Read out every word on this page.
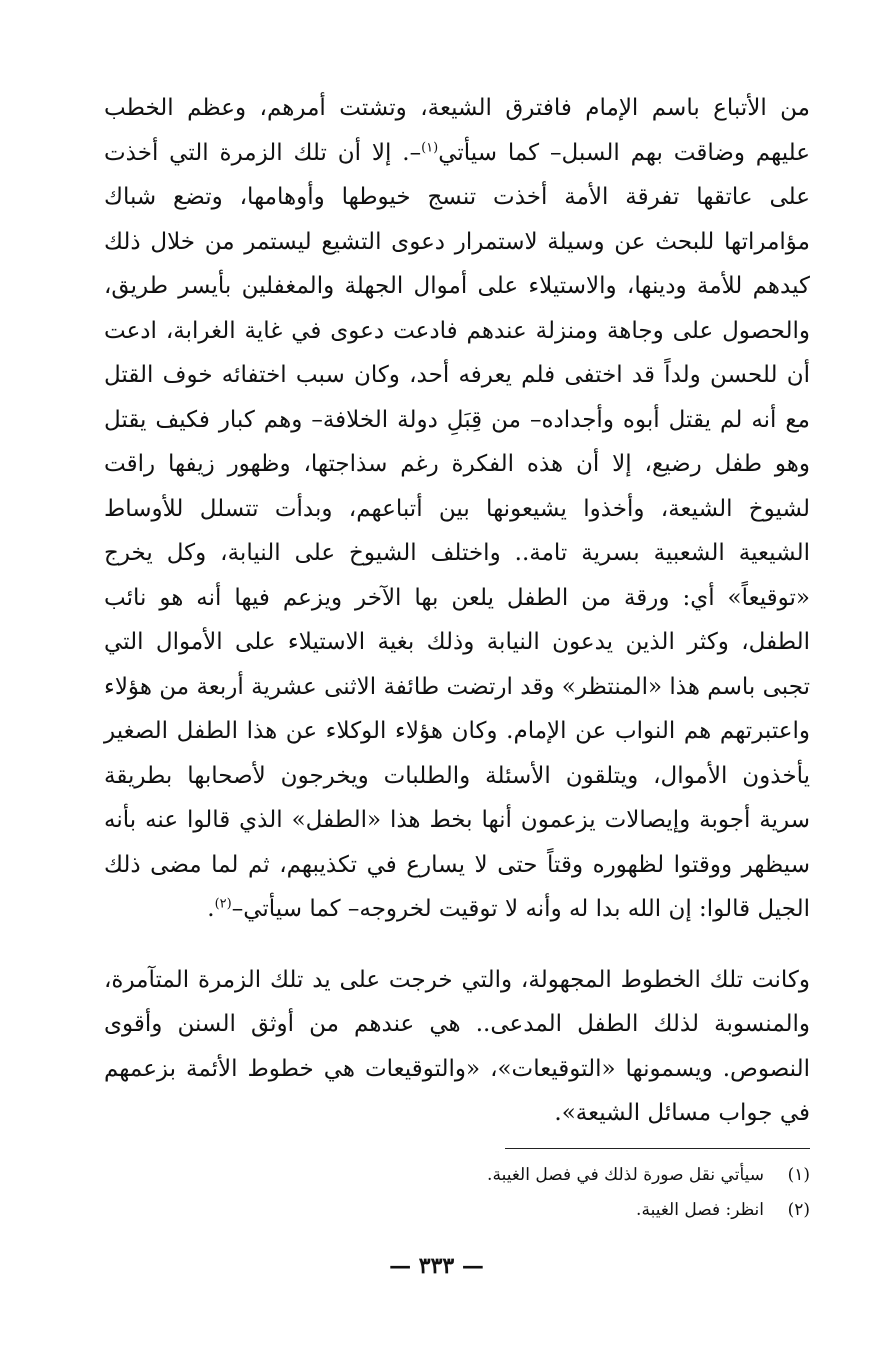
من الأتباع باسم الإمام فافترق الشيعة، وتشتت أمرهم، وعظم الخطب عليهم وضاقت بهم السبل– كما سيأتي$^{(١)}$–. إلا أن تلك الزمرة التي أخذت على عاتقها تفرقة الأمة أخذت تنسج خيوطها وأوهامها، وتضع شباك مؤامراتها للبحث عن وسيلة لاستمرار دعوى التشيع ليستمر من خلال ذلك كيدهم للأمة ودينها، والاستيلاء على أموال الجهلة والمغفلين بأيسر طريق، والحصول على وجاهة ومنزلة عندهم فادعت دعوى في غاية الغرابة، ادعت أن للحسن ولداً قد اختفى فلم يعرفه أحد، وكان سبب اختفائه خوف القتل مع أنه لم يقتل أبوه وأجداده– من قِبَلِ دولة الخلافة– وهم كبار فكيف يقتل وهو طفل رضيع، إلا أن هذه الفكرة رغم سذاجتها، وظهور زيفها راقت لشيوخ الشيعة، وأخذوا يشيعونها بين أتباعهم، وبدأت تتسلل للأوساط الشيعية الشعبية بسرية تامة.. واختلف الشيوخ على النيابة، وكل يخرج «توقيعاً» أي: ورقة من الطفل يلعن بها الآخر ويزعم فيها أنه هو نائب الطفل، وكثر الذين يدعون النيابة وذلك بغية الاستيلاء على الأموال التي تجبى باسم هذا «المنتظر» وقد ارتضت طائفة الاثنى عشرية أربعة من هؤلاء واعتبرتهم هم النواب عن الإمام. وكان هؤلاء الوكلاء عن هذا الطفل الصغير يأخذون الأموال، ويتلقون الأسئلة والطلبات ويخرجون لأصحابها بطريقة سرية أجوبة وإيصالات يزعمون أنها بخط هذا «الطفل» الذي قالوا عنه بأنه سيظهر ووقتوا لظهوره وقتاً حتى لا يسارع في تكذيبهم، ثم لما مضى ذلك الجيل قالوا: إن الله بدا له وأنه لا توقيت لخروجه– كما سيأتي–$^{(٢)}$.

وكانت تلك الخطوط المجهولة، والتي خرجت على يد تلك الزمرة المتآمرة، والمنسوبة لذلك الطفل المدعى.. هي عندهم من أوثق السنن وأقوى النصوص. ويسمونها «التوقيعات»، «والتوقيعات هي خطوط الأئمة بزعمهم في جواب مسائل الشيعة».

(١)
سيأتي نقل صورة لذلك في فصل الغيبة.
(٢)
انظر: فصل الغيبة.
— ٣٣٣ —
